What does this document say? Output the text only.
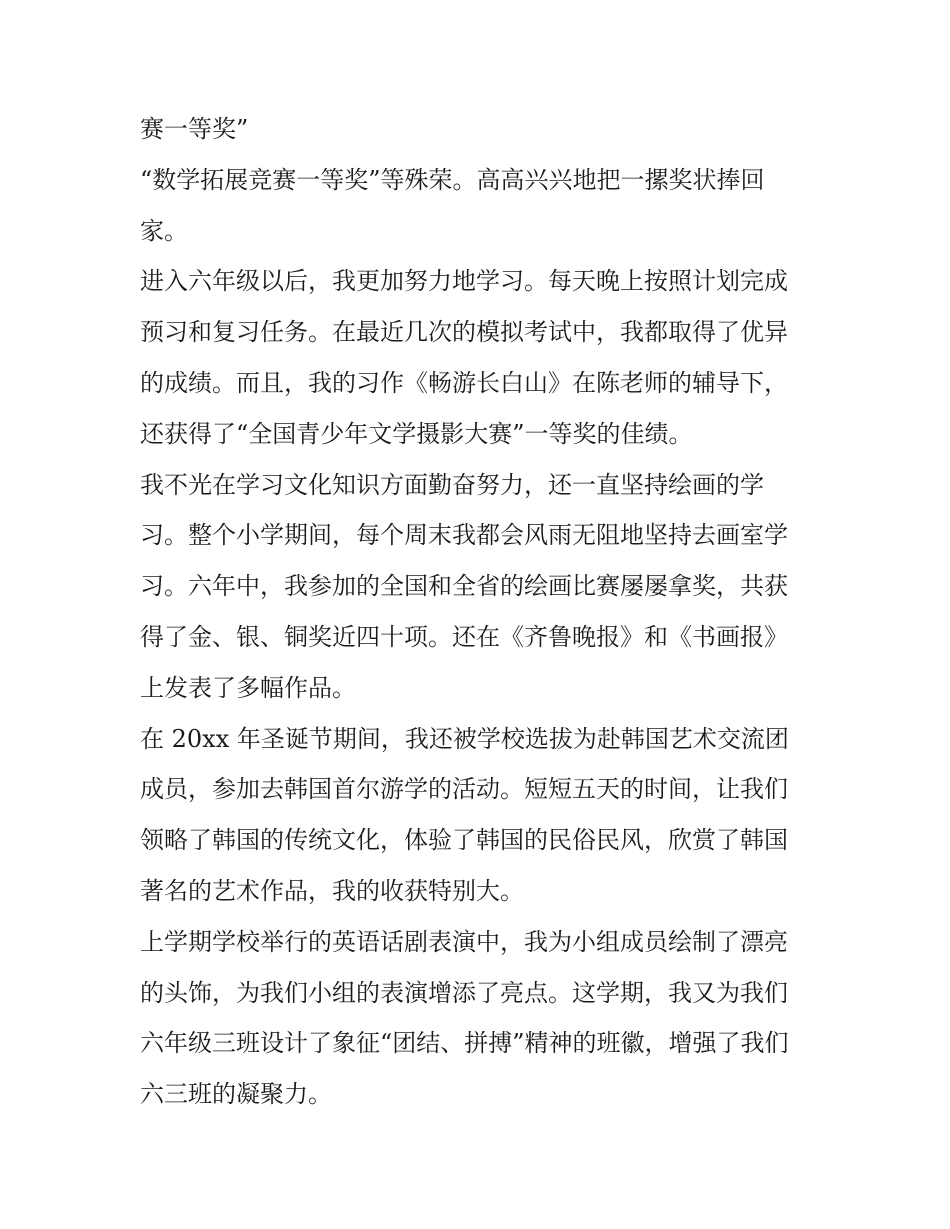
赛一等奖”
“数学拓展竞赛一等奖”等殊荣。高高兴兴地把一摞奖状捧回
家。
进入六年级以后，我更加努力地学习。每天晚上按照计划完成
预习和复习任务。在最近几次的模拟考试中，我都取得了优异
的成绩。而且，我的习作《畅游长白山》在陈老师的辅导下，
还获得了“全国青少年文学摄影大赛”一等奖的佳绩。
我不光在学习文化知识方面勤奋努力，还一直坚持绘画的学
习。整个小学期间，每个周末我都会风雨无阻地坚持去画室学
习。六年中，我参加的全国和全省的绘画比赛屡屡拿奖，共获
得了金、银、铜奖近四十项。还在《齐鲁晚报》和《书画报》
上发表了多幅作品。
在 20xx 年圣诞节期间，我还被学校选拔为赴韩国艺术交流团
成员，参加去韩国首尔游学的活动。短短五天的时间，让我们
领略了韩国的传统文化，体验了韩国的民俗民风，欣赏了韩国
著名的艺术作品，我的收获特别大。
上学期学校举行的英语话剧表演中，我为小组成员绘制了漂亮
的头饰，为我们小组的表演增添了亮点。这学期，我又为我们
六年级三班设计了象征“团结、拼搏”精神的班徽，增强了我们
六三班的凝聚力。
